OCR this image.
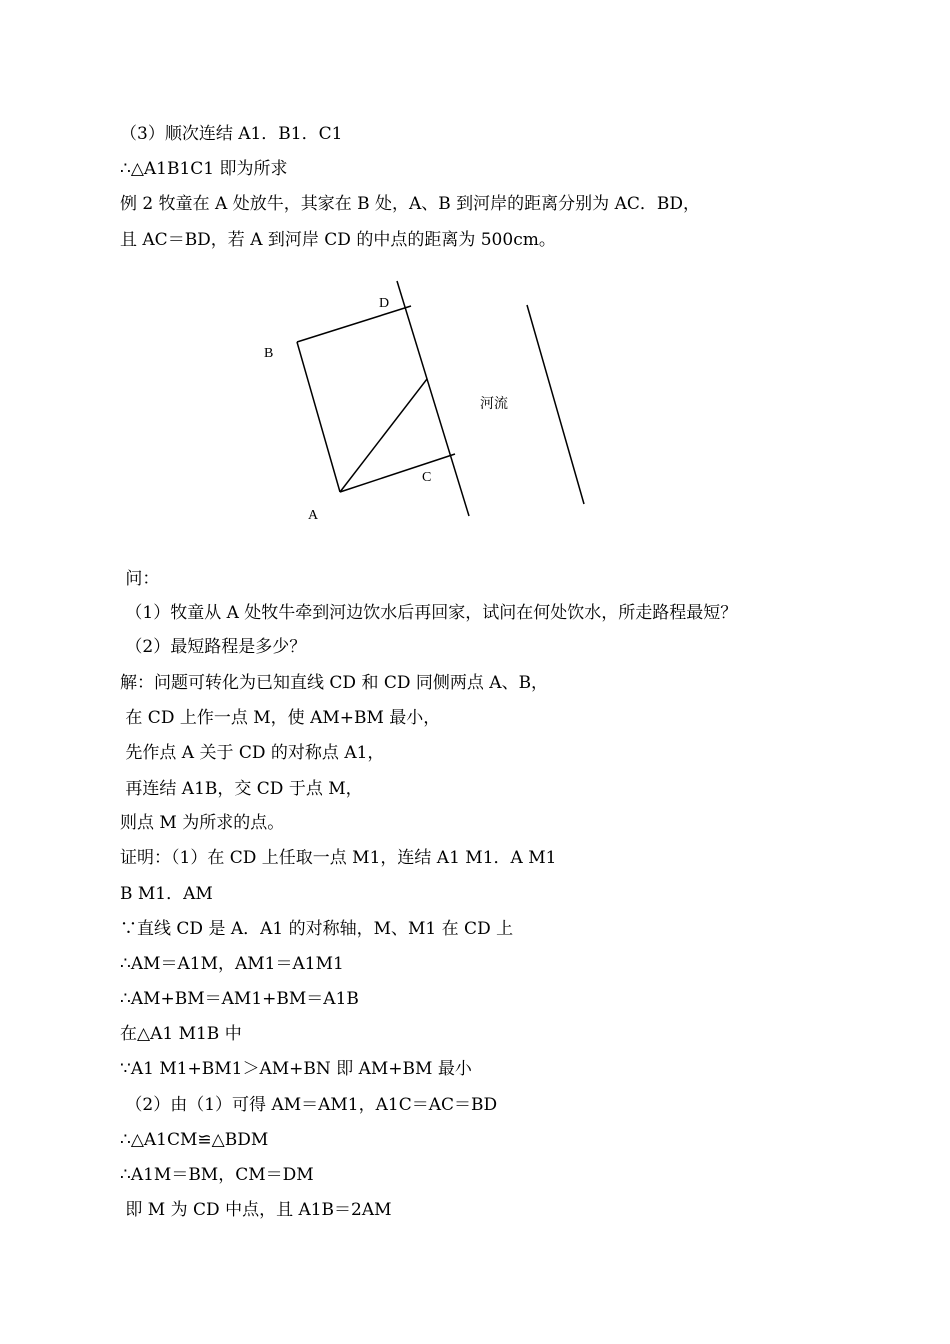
（3）顺次连结 A1．B1．C1
∴△A1B1C1 即为所求
例 2 牧童在 A 处放牛，其家在 B 处，A、B 到河岸的距离分别为 AC．BD，
且 AC＝BD，若 A 到河岸 CD 的中点的距离为 500cm。
B
D
C
A
河流
问：
（1）牧童从 A 处牧牛牵到河边饮水后再回家，试问在何处饮水，所走路程最短？
（2）最短路程是多少？
解：问题可转化为已知直线 CD 和 CD 同侧两点 A、B，
在 CD 上作一点 M，使 AM+BM 最小，
先作点 A 关于 CD 的对称点 A1，
再连结 A1B，交 CD 于点 M，
则点 M 为所求的点。
证明：（1）在 CD 上任取一点 M1，连结 A1 M1．A M1
B M1．AM
∵直线 CD 是 A．A1 的对称轴，M、M1 在 CD 上
∴AM＝A1M，AM1＝A1M1
∴AM+BM＝AM1+BM＝A1B
在△A1 M1B 中
∵A1 M1+BM1＞AM+BN 即 AM+BM 最小
（2）由（1）可得 AM＝AM1，A1C＝AC＝BD
∴△A1CM≌△BDM
∴A1M＝BM，CM＝DM
即 M 为 CD 中点，且 A1B＝2AM
